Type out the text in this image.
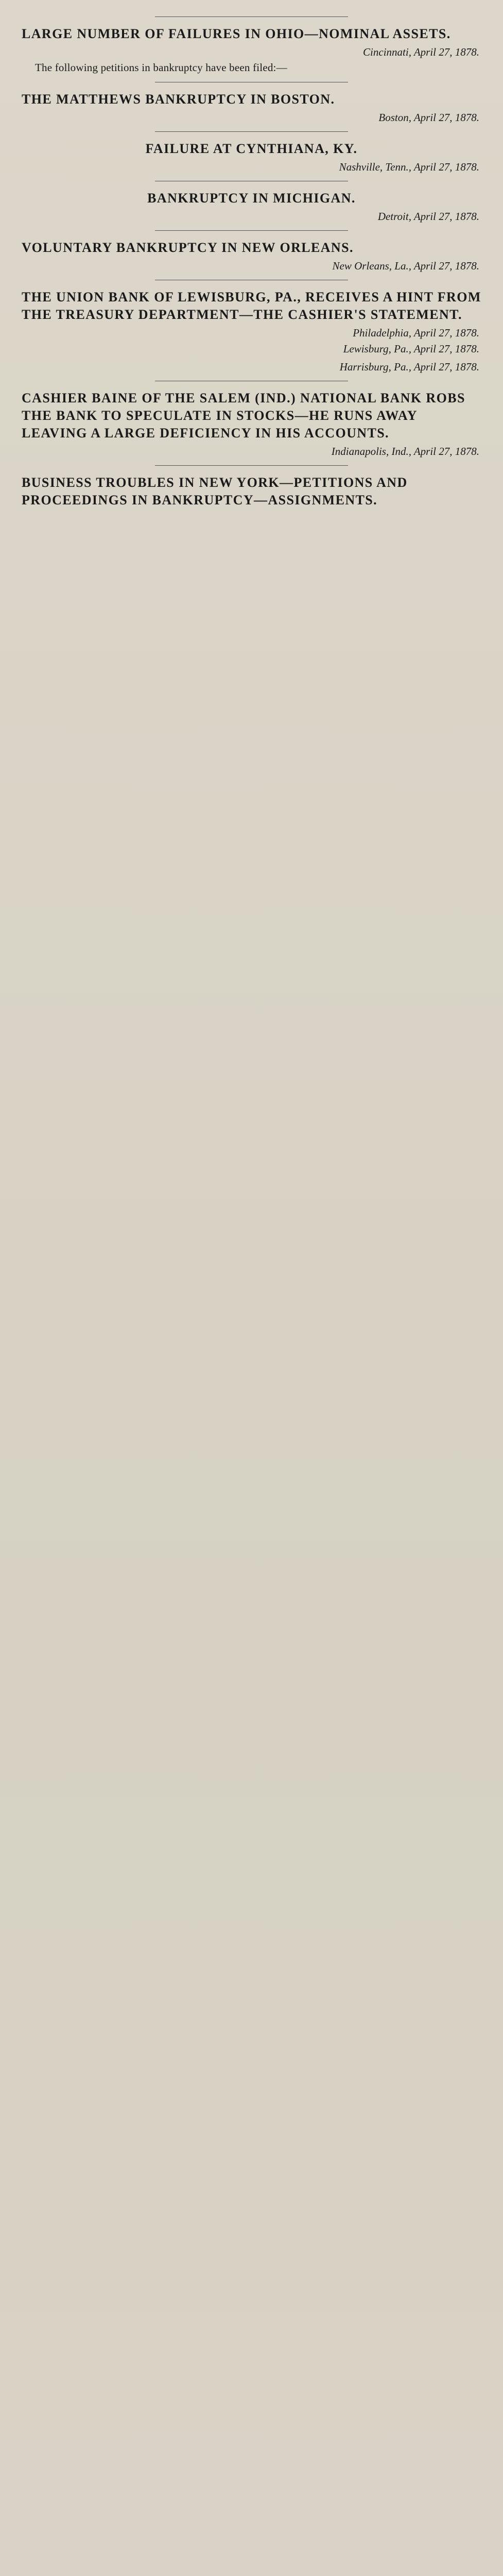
LARGE NUMBER OF FAILURES IN OHIO—NOMINAL ASSETS.
Cincinnati, April 27, 1878.

The following petitions in bankruptcy have been filed:—

THE MATTHEWS BANKRUPTCY IN BOSTON.
Boston, April 27, 1878.

FAILURE AT CYNTHIANA, KY.
Nashville, Tenn., April 27, 1878.

BANKRUPTCY IN MICHIGAN.
Detroit, April 27, 1878.

VOLUNTARY BANKRUPTCY IN NEW ORLEANS.
New Orleans, La., April 27, 1878.

THE UNION BANK OF LEWISBURG, PA., RECEIVES A HINT FROM THE TREASURY DEPARTMENT—THE CASHIER'S STATEMENT.
Philadelphia, April 27, 1878.

Lewisburg, Pa., April 27, 1878.

Harrisburg, Pa., April 27, 1878.

CASHIER BAINE OF THE SALEM (IND.) NATIONAL BANK ROBS THE BANK TO SPECULATE IN STOCKS—HE RUNS AWAY LEAVING A LARGE DEFICIENCY IN HIS ACCOUNTS.
Indianapolis, Ind., April 27, 1878.

BUSINESS TROUBLES IN NEW YORK—PETITIONS AND PROCEEDINGS IN BANKRUPTCY—ASSIGNMENTS.
